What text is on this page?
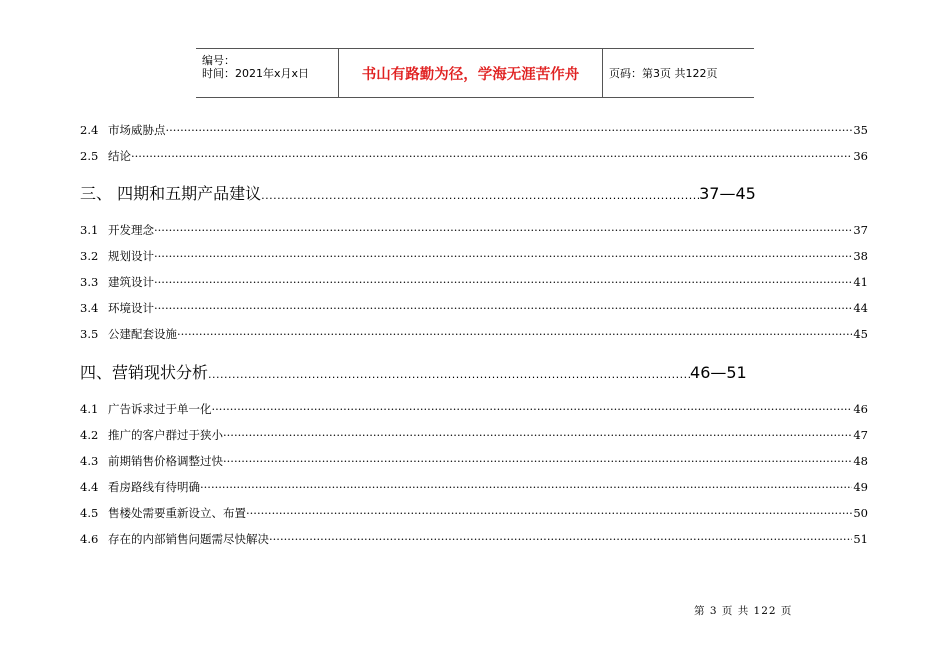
编号：
时间：2021年x月x日	书山有路勤为径，学海无涯苦作舟	页码：第3页 共122页
2.4 市场威胁点 ·····	35
2.5 结论 ·····	36
三、 四期和五期产品建议 .....	37—45
3.1 开发理念 ·····	37
3.2 规划设计 ·····	38
3.3 建筑设计 ·····	41
3.4 环境设计 ·····	44
3.5 公建配套设施 ·····	45
四、营销现状分析 .....	46—51
4.1 广告诉求过于单一化 ·····	46
4.2 推广的客户群过于狭小 ·····	47
4.3 前期销售价格调整过快 ·····	48
4.4 看房路线有待明确 ·····	49
4.5 售楼处需要重新设立、布置 ·····	50
4.6 存在的内部销售问题需尽快解决 ·····	51
第 3 页 共 122 页
